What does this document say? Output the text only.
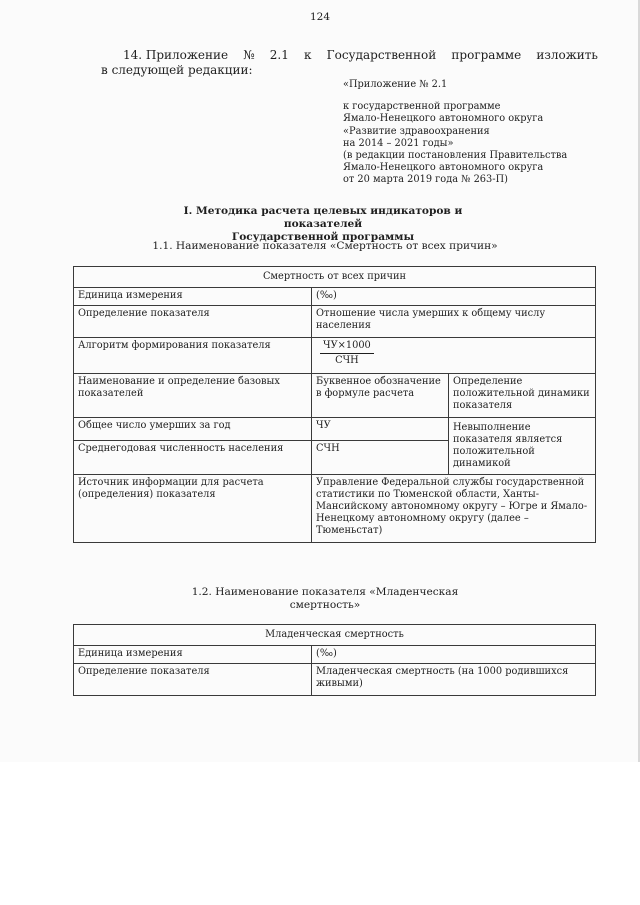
124
14. Приложение № 2.1 к Государственной программе изложить
в следующей редакции:
«Приложение № 2.1
к государственной программе
Ямало-Ненецкого автономного округа
«Развитие здравоохранения
на 2014 – 2021 годы»
(в редакции постановления Правительства
Ямало-Ненецкого автономного округа
от 20 марта 2019 года № 263-П)
I. Методика расчета целевых индикаторов и показателей
Государственной программы
1.1. Наименование показателя «Смертность от всех причин»
Смертность от всех причин		
Единица измерения	(‰)	
Определение показателя	Отношение числа умерших к общему числу населения	
Алгоритм формирования показателя	$\frac{ЧУ\times 1000}{\text{СЧН}}$

Наименование и определение базовых показателей	Буквенное обозначение в формуле расчета	Определение положительной динамики показателя
Общее число умерших за год	ЧУ	Невыполнение показателя является положительной динамикой
Среднегодовая численность населения	СЧН	
Источник информации для расчета (определения) показателя	Управление Федеральной службы государственной статистики по Тюменской области, Ханты-Мансийскому автономному округу – Югре и Ямало-Ненецкому автономному округу (далее – Тюменьстат)	
1.2. Наименование показателя «Младенческая
смертность»
Младенческая смертность	
Единица измерения	(‰)
Определение показателя	Младенческая смертность (на 1000 родившихся живыми)
